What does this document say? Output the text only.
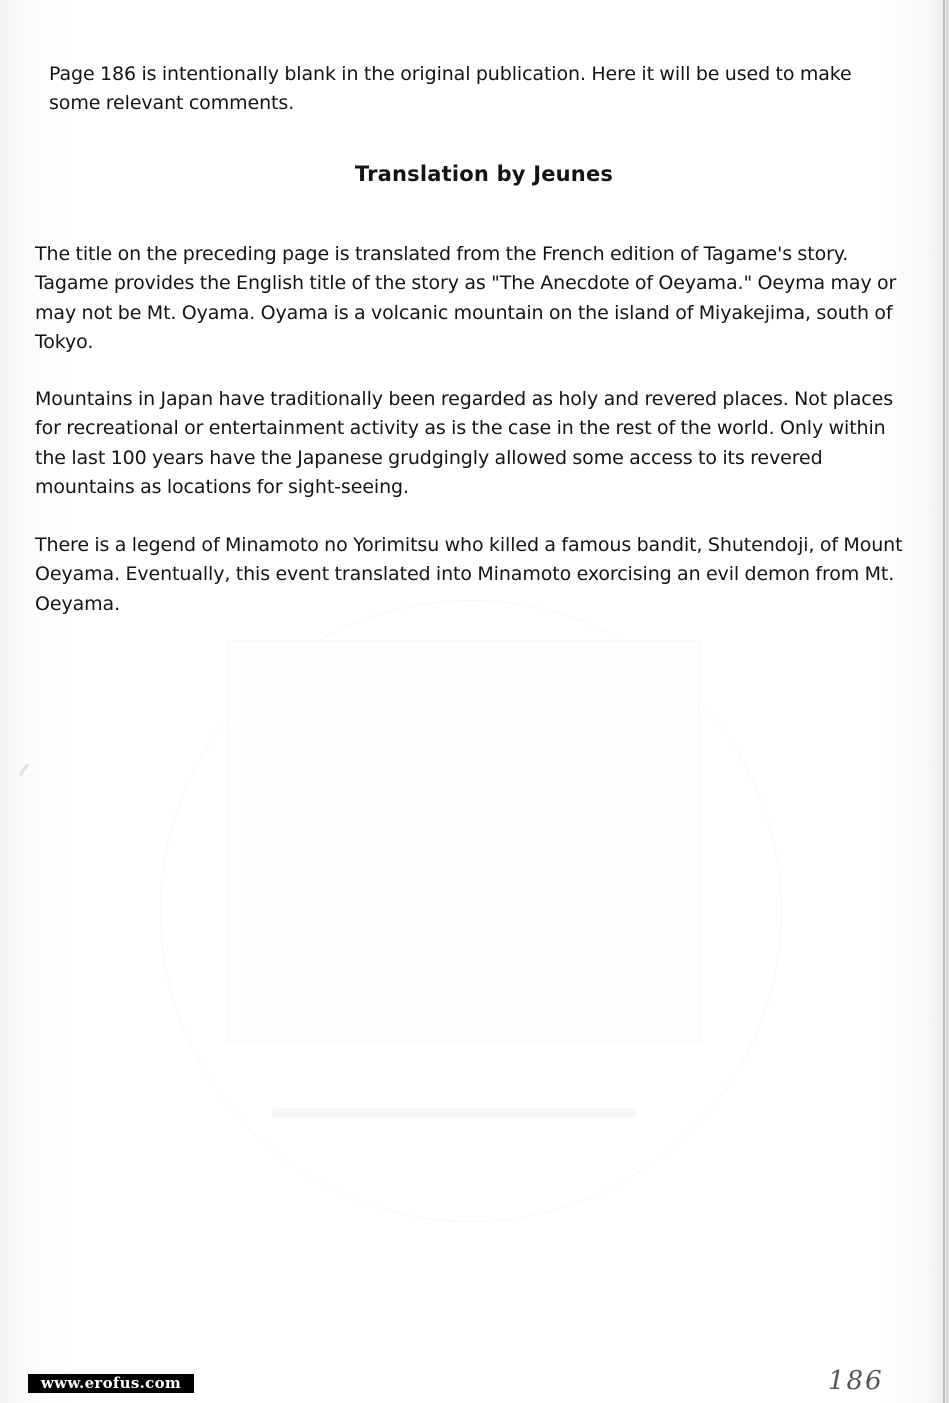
Page 186 is intentionally blank in the original publication. Here it will be used to make some relevant comments.

Translation by Jeunes

The title on the preceding page is translated from the French edition of Tagame's story. Tagame provides the English title of the story as "The Anecdote of Oeyama." Oeyma may or may not be Mt. Oyama. Oyama is a volcanic mountain on the island of Miyakejima, south of Tokyo.

Mountains in Japan have traditionally been regarded as holy and revered places. Not places for recreational or entertainment activity as is the case in the rest of the world. Only within the last 100 years have the Japanese grudgingly allowed some access to its revered mountains as locations for sight-seeing.

There is a legend of Minamoto no Yorimitsu who killed a famous bandit, Shutendoji, of Mount Oeyama. Eventually, this event translated into Minamoto exorcising an evil demon from Mt. Oeyama.

www.erofus.com	186
